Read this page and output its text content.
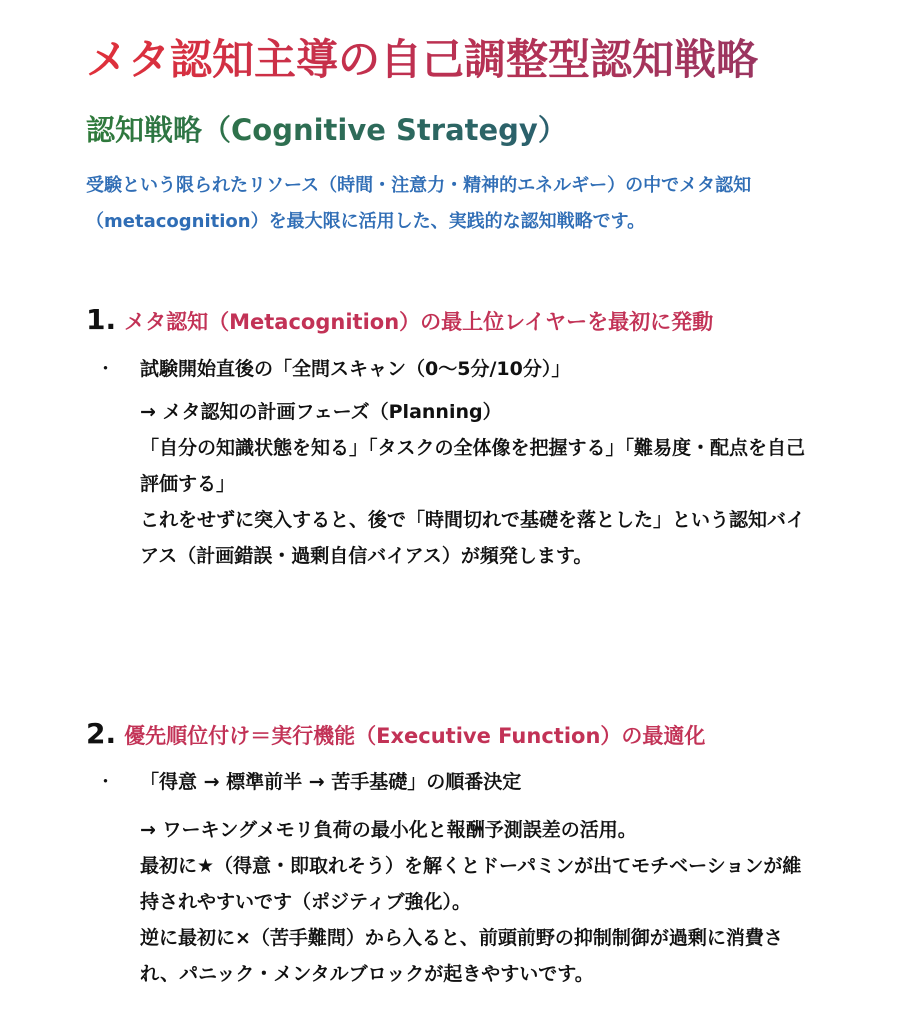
メタ認知主導の自己調整型認知戦略
認知戦略（Cognitive Strategy）

受験という限られたリソース（時間・注意力・精神的エネルギー）の中でメタ認知（metacognition）を最大限に活用した、実践的な認知戦略です。

1. メタ認知（Metacognition）の最上位レイヤーを最初に発動
・ 試験開始直後の「全問スキャン（0〜5分/10分）」

→ メタ認知の計画フェーズ（Planning）

「自分の知識状態を知る」「タスクの全体像を把握する」「難易度・配点を自己評価する」

これをせずに突入すると、後で「時間切れで基礎を落とした」という認知バイアス（計画錯誤・過剰自信バイアス）が頻発します。

2. 優先順位付け＝実行機能（Executive Function）の最適化
・ 「得意 → 標準前半 → 苦手基礎」の順番決定

→ ワーキングメモリ負荷の最小化と報酬予測誤差の活用。

最初に★（得意・即取れそう）を解くとドーパミンが出てモチベーションが維持されやすいです（ポジティブ強化）。

逆に最初に×（苦手難問）から入ると、前頭前野の抑制制御が過剰に消費され、パニック・メンタルブロックが起きやすいです。
